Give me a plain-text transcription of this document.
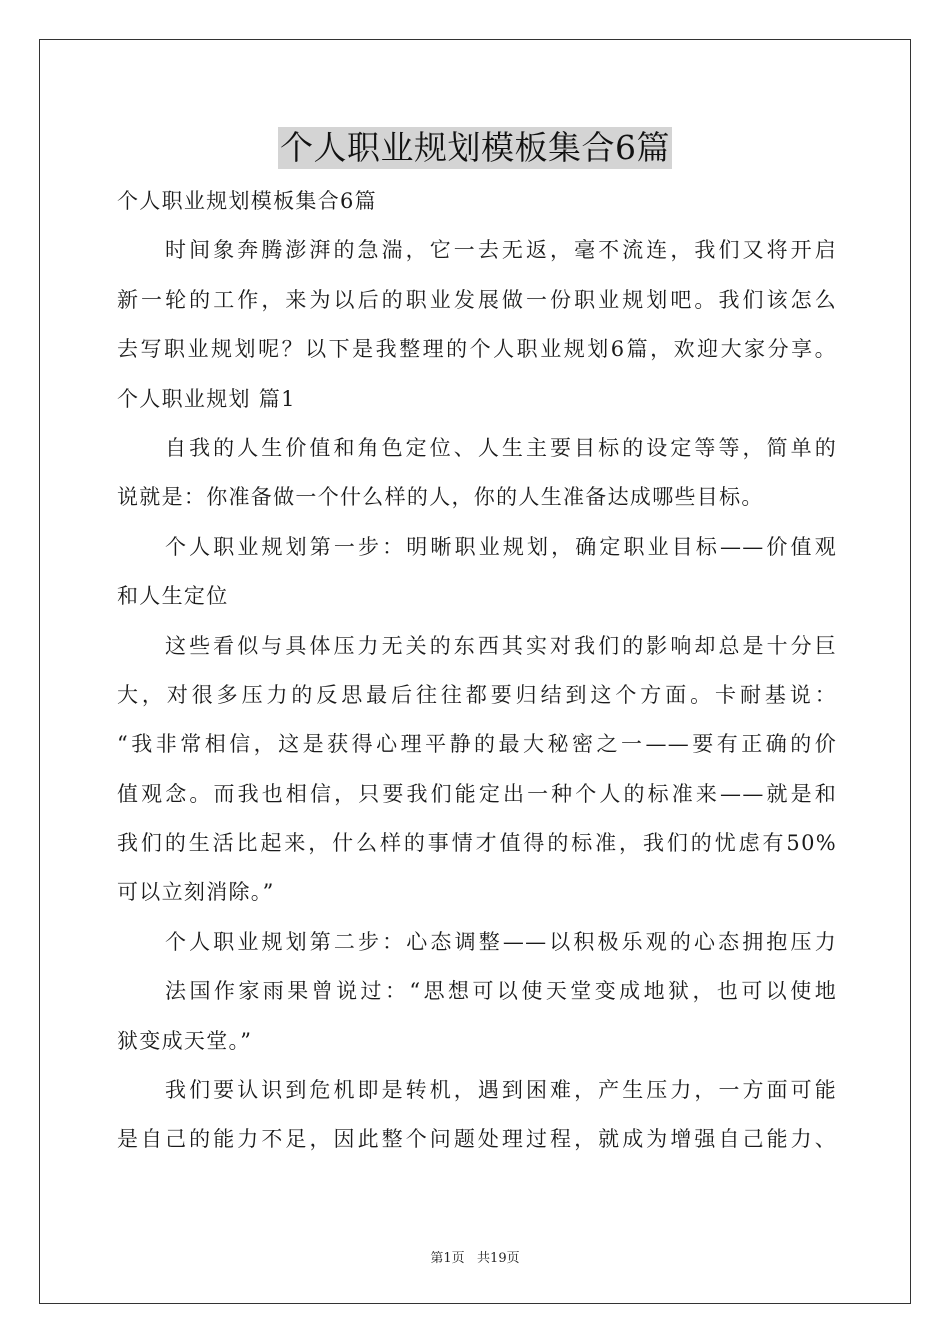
个人职业规划模板集合6篇
个人职业规划模板集合6篇
时间象奔腾澎湃的急湍，它一去无返，毫不流连，我们又将开启
新一轮的工作，来为以后的职业发展做一份职业规划吧。我们该怎么
去写职业规划呢？以下是我整理的个人职业规划6篇，欢迎大家分享。
个人职业规划 篇1
自我的人生价值和角色定位、人生主要目标的设定等等，简单的
说就是：你准备做一个什么样的人，你的人生准备达成哪些目标。
个人职业规划第一步：明晰职业规划，确定职业目标——价值观
和人生定位
这些看似与具体压力无关的东西其实对我们的影响却总是十分巨
大，对很多压力的反思最后往往都要归结到这个方面。卡耐基说：
“我非常相信，这是获得心理平静的最大秘密之一——要有正确的价
值观念。而我也相信，只要我们能定出一种个人的标准来——就是和
我们的生活比起来，什么样的事情才值得的标准，我们的忧虑有50%
可以立刻消除。”
个人职业规划第二步：心态调整——以积极乐观的心态拥抱压力
法国作家雨果曾说过：“思想可以使天堂变成地狱，也可以使地
狱变成天堂。”
我们要认识到危机即是转机，遇到困难，产生压力，一方面可能
是自己的能力不足，因此整个问题处理过程，就成为增强自己能力、
第1页   共19页
